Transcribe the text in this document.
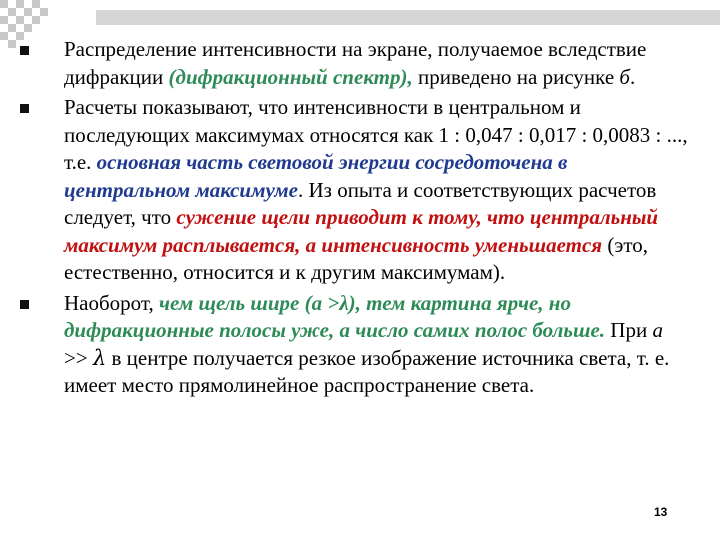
Распределение интенсивности на экране, получаемое вследствие дифракции (дифракционный спектр), приведено на рисунке б.
Расчеты показывают, что интенсивности в центральном и последующих максимумах относятся как 1 : 0,047 : 0,017 : 0,0083 : ..., т.е. основная часть световой энергии сосредоточена в центральном максимуме. Из опыта и соответствующих расчетов следует, что сужение щели приводит к тому, что центральный максимум расплывается, а интенсивность уменьшается (это, естественно, относится и к другим максимумам).
Наоборот, чем щель шире (а >λ), тем картина ярче, но дифракционные полосы уже, а число самих полос больше. При а >> λ в центре получается резкое изображение источника света, т. е. имеет место прямолинейное распространение света.
13
